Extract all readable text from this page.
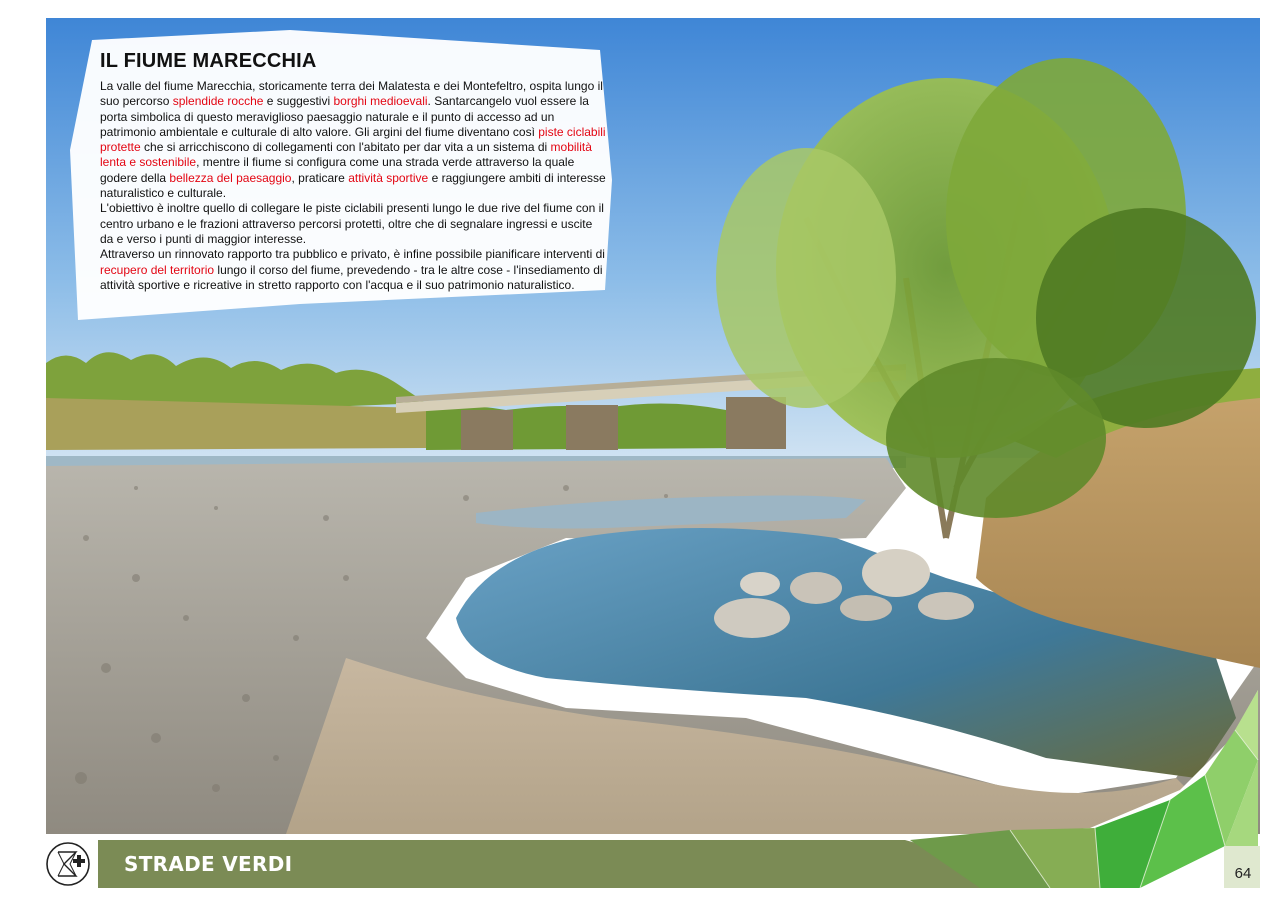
IL FIUME MARECCHIA

La valle del fiume Marecchia, storicamente terra dei Malatesta e dei Montefeltro, ospita lungo il suo percorso splendide rocche e suggestivi borghi medioevali. Santarcangelo vuol essere la porta simbolica di questo meraviglioso paesaggio naturale e il punto di accesso ad un patrimonio ambientale e culturale di alto valore. Gli argini del fiume diventano così piste ciclabili protette che si arricchiscono di collegamenti con l'abitato per dar vita a un sistema di mobilità lenta e sostenibile, mentre il fiume si configura come una strada verde attraverso la quale godere della bellezza del paesaggio, praticare attività sportive e raggiungere ambiti di interesse naturalistico e culturale.

L'obiettivo è inoltre quello di collegare le piste ciclabili presenti lungo le due rive del fiume con il centro urbano e le frazioni attraverso percorsi protetti, oltre che di segnalare ingressi e uscite da e verso i punti di maggior interesse.

Attraverso un rinnovato rapporto tra pubblico e privato, è infine possibile pianificare interventi di recupero del territorio lungo il corso del fiume, prevedendo - tra le altre cose - l'insediamento di attività sportive e ricreative in stretto rapporto con l'acqua e il suo patrimonio naturalistico.

64
STRADE VERDI
